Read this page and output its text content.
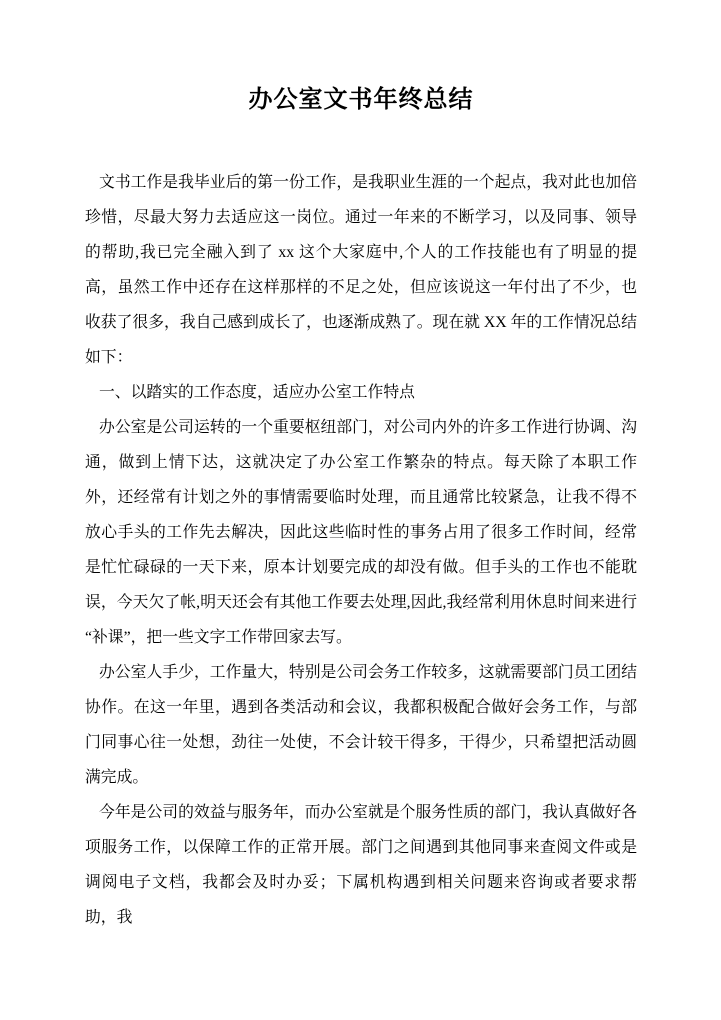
办公室文书年终总结

文书工作是我毕业后的第一份工作，是我职业生涯的一个起点，我对此也加倍珍惜，尽最大努力去适应这一岗位。通过一年来的不断学习，以及同事、领导的帮助,我已完全融入到了 xx 这个大家庭中,个人的工作技能也有了明显的提高，虽然工作中还存在这样那样的不足之处，但应该说这一年付出了不少，也收获了很多，我自己感到成长了，也逐渐成熟了。现在就 XX 年的工作情况总结如下：

一、以踏实的工作态度，适应办公室工作特点

办公室是公司运转的一个重要枢纽部门，对公司内外的许多工作进行协调、沟通，做到上情下达，这就决定了办公室工作繁杂的特点。每天除了本职工作外，还经常有计划之外的事情需要临时处理，而且通常比较紧急，让我不得不放心手头的工作先去解决，因此这些临时性的事务占用了很多工作时间，经常是忙忙碌碌的一天下来，原本计划要完成的却没有做。但手头的工作也不能耽误，今天欠了帐,明天还会有其他工作要去处理,因此,我经常利用休息时间来进行“补课”，把一些文字工作带回家去写。

办公室人手少，工作量大，特别是公司会务工作较多，这就需要部门员工团结协作。在这一年里，遇到各类活动和会议，我都积极配合做好会务工作，与部门同事心往一处想，劲往一处使，不会计较干得多，干得少，只希望把活动圆满完成。

今年是公司的效益与服务年，而办公室就是个服务性质的部门，我认真做好各项服务工作，以保障工作的正常开展。部门之间遇到其他同事来查阅文件或是调阅电子文档，我都会及时办妥；下属机构遇到相关问题来咨询或者要求帮助，我
